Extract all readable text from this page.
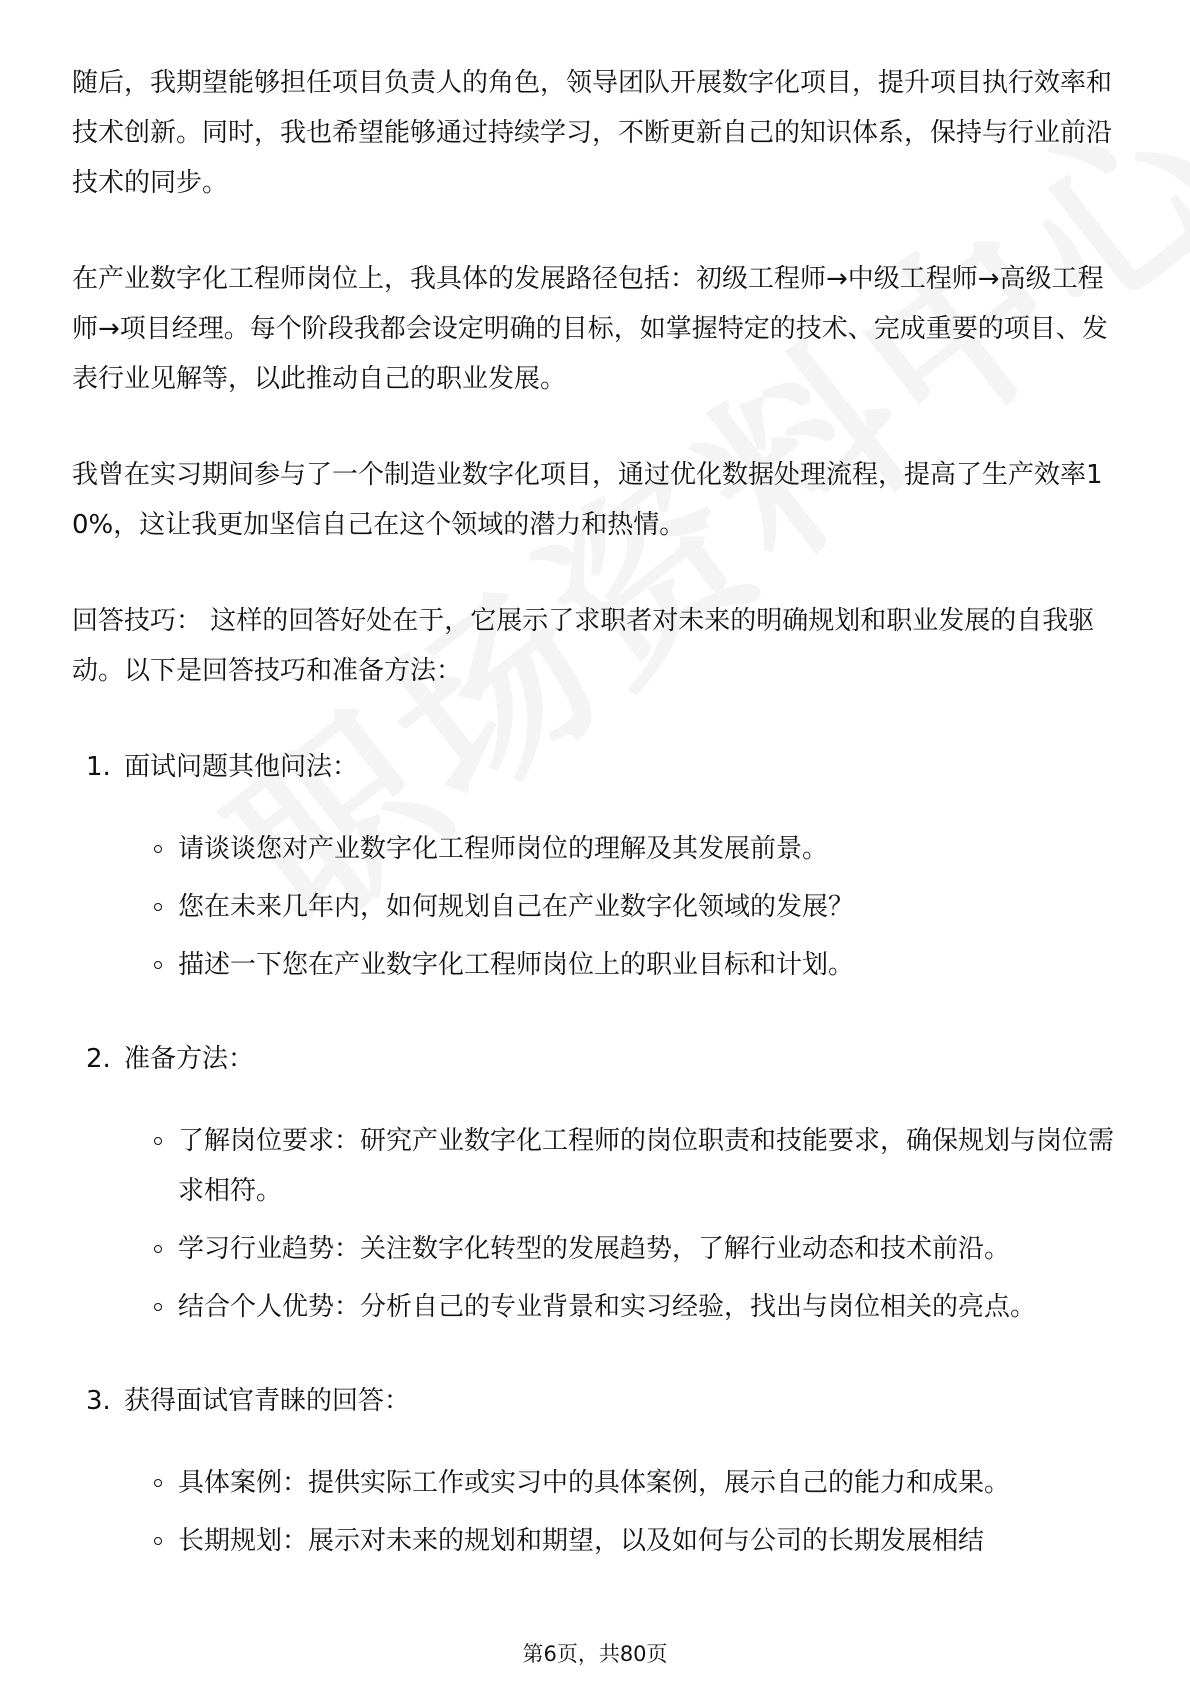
随后，我期望能够担任项目负责人的角色，领导团队开展数字化项目，提升项目执行效率和技术创新。同时，我也希望能够通过持续学习，不断更新自己的知识体系，保持与行业前沿技术的同步。

在产业数字化工程师岗位上，我具体的发展路径包括：初级工程师→中级工程师→高级工程师→项目经理。每个阶段我都会设定明确的目标，如掌握特定的技术、完成重要的项目、发表行业见解等，以此推动自己的职业发展。

我曾在实习期间参与了一个制造业数字化项目，通过优化数据处理流程，提高了生产效率10%，这让我更加坚信自己在这个领域的潜力和热情。

回答技巧： 这样的回答好处在于，它展示了求职者对未来的明确规划和职业发展的自我驱动。以下是回答技巧和准备方法：

1. 面试问题其他问法：
请谈谈您对产业数字化工程师岗位的理解及其发展前景。
您在未来几年内，如何规划自己在产业数字化领域的发展？
描述一下您在产业数字化工程师岗位上的职业目标和计划。
2. 准备方法：
了解岗位要求：研究产业数字化工程师的岗位职责和技能要求，确保规划与岗位需求相符。
学习行业趋势：关注数字化转型的发展趋势，了解行业动态和技术前沿。
结合个人优势：分析自己的专业背景和实习经验，找出与岗位相关的亮点。
3. 获得面试官青睐的回答：
具体案例：提供实际工作或实习中的具体案例，展示自己的能力和成果。
长期规划：展示对未来的规划和期望，以及如何与公司的长期发展相结
第6页，共80页
